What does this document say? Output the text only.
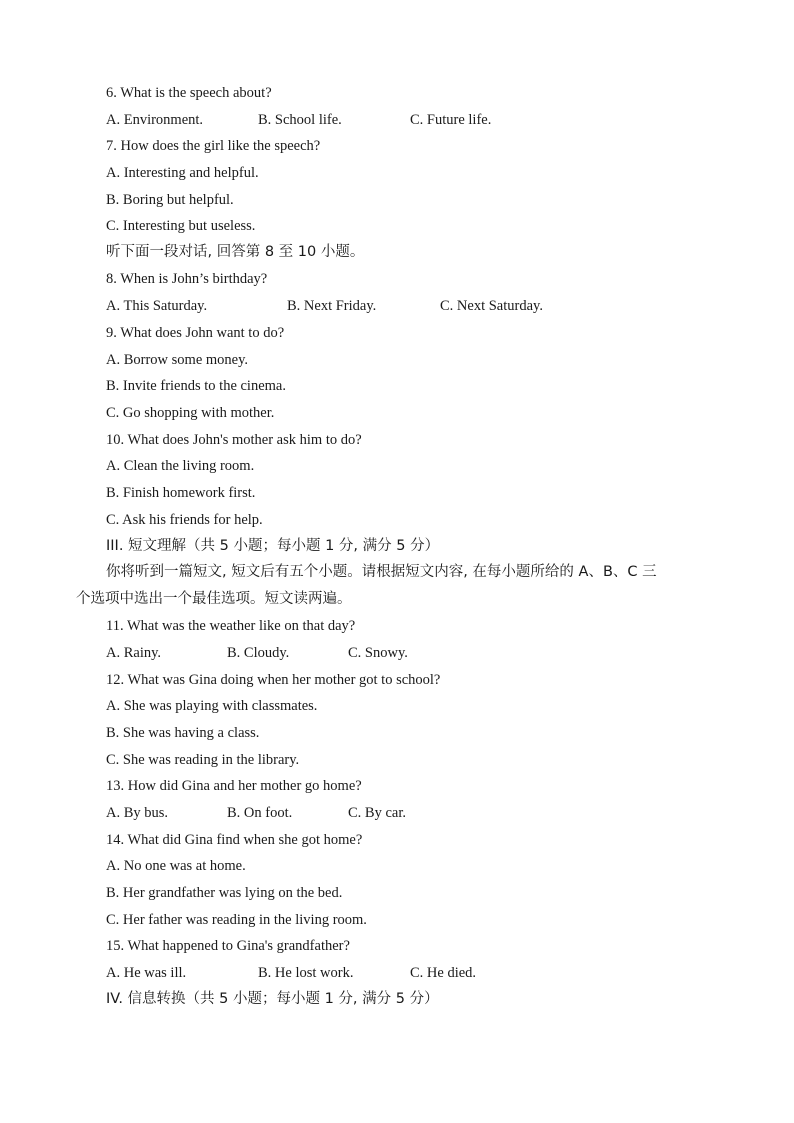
6. What is the speech about?
A. Environment.	B. School life.	C. Future life.
7. How does the girl like the speech?
A. Interesting and helpful.
B. Boring but helpful.
C. Interesting but useless.
听下面一段对话, 回答第 8 至 10 小题。
8. When is John’s birthday?
A. This Saturday.	B. Next Friday.	C. Next Saturday.
9. What does John want to do?
A. Borrow some money.
B. Invite friends to the cinema.
C. Go shopping with mother.
10. What does John's mother ask him to do?
A. Clean the living room.
B. Finish homework first.
C. Ask his friends for help.
III. 短文理解（共 5 小题；每小题 1 分, 满分 5 分）
你将听到一篇短文, 短文后有五个小题。请根据短文内容, 在每小题所给的 A、B、C 三
个选项中选出一个最佳选项。短文读两遍。
11. What was the weather like on that day?
A. Rainy.	B. Cloudy.	C. Snowy.
12. What was Gina doing when her mother got to school?
A. She was playing with classmates.
B. She was having a class.
C. She was reading in the library.
13. How did Gina and her mother go home?
A. By bus.	B. On foot.	C. By car.
14. What did Gina find when she got home?
A. No one was at home.
B. Her grandfather was lying on the bed.
C. Her father was reading in the living room.
15. What happened to Gina's grandfather?
A. He was ill.	B. He lost work.	C. He died.
IV. 信息转换（共 5 小题；每小题 1 分, 满分 5 分）
